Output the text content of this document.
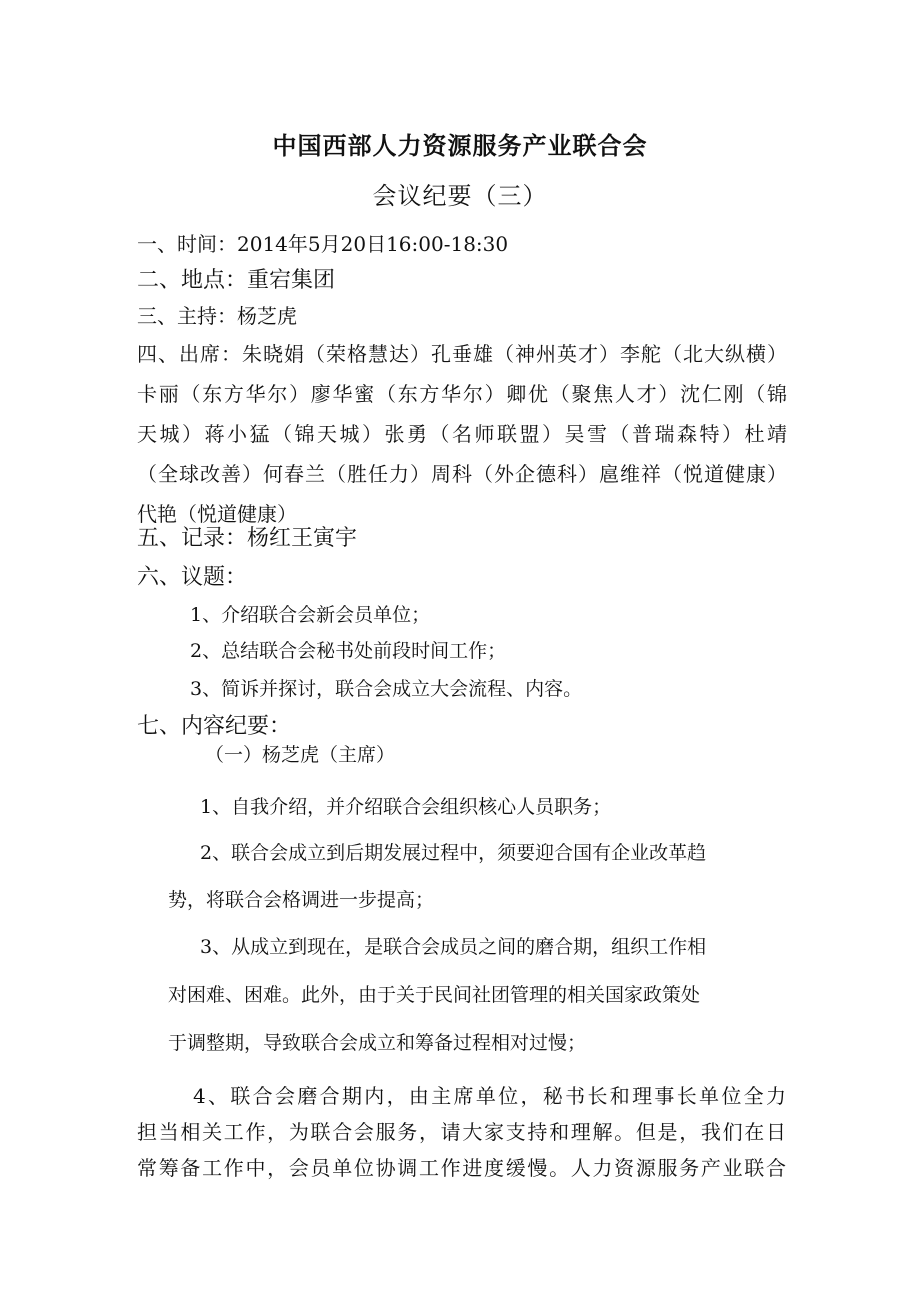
中国西部人力资源服务产业联合会
会议纪要（三）

一、时间：2014年5月20日16:00-18:30

二、地点：重宕集团

三、主持：杨芝虎

四、出席：朱晓娟（荣格慧达）孔垂雄（神州英才）李舵（北大纵横）
卡丽（东方华尔）廖华蜜（东方华尔）卿优（聚焦人才）沈仁刚（锦
天城）蒋小猛（锦天城）张勇（名师联盟）吴雪（普瑞森特）杜靖
（全球改善）何春兰（胜任力）周科（外企德科）扈维祥（悦道健康）
代艳（悦道健康）

五、记录：杨红王寅宇

六、议题：

1、介绍联合会新会员单位；

2、总结联合会秘书处前段时间工作；

3、简诉并探讨，联合会成立大会流程、内容。

七、内容纪要：

（一）杨芝虎（主席）

1、自我介绍，并介绍联合会组织核心人员职务；

2、联合会成立到后期发展过程中，须要迎合国有企业改革趋

势，将联合会格调进一步提高；

3、从成立到现在，是联合会成员之间的磨合期，组织工作相

对困难、困难。此外，由于关于民间社团管理的相关国家政策处

于调整期，导致联合会成立和筹备过程相对过慢；

4、联合会磨合期内，由主席单位，秘书长和理事长单位全力
担当相关工作，为联合会服务，请大家支持和理解。但是，我们在日
常筹备工作中，会员单位协调工作进度缓慢。人力资源服务产业联合
